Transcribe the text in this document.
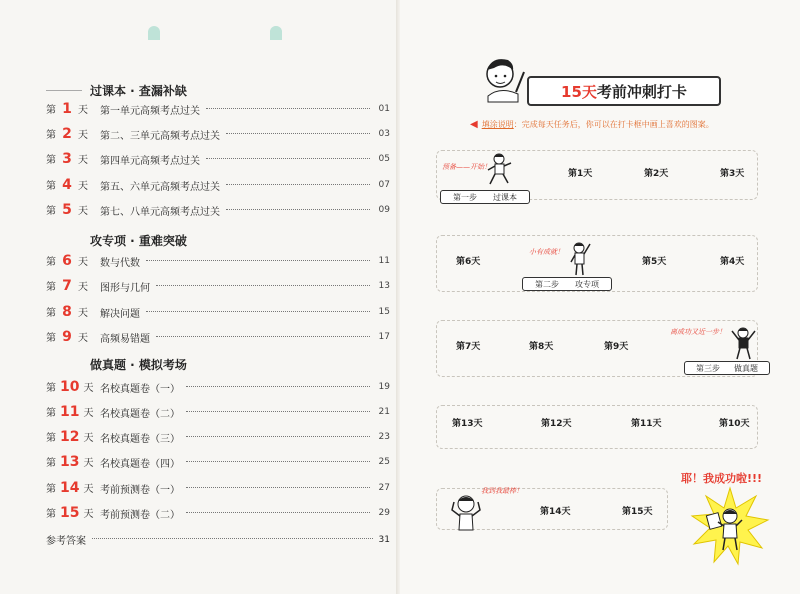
过课本 · 查漏补缺
攻专项 · 重难突破
做真题 · 模拟考场
第 1 天 第一单元高频考点过关	01
第 2 天 第二、三单元高频考点过关	03
第 3 天 第四单元高频考点过关	05
第 4 天 第五、六单元高频考点过关	07
第 5 天 第七、八单元高频考点过关	09
第 6 天 数与代数	11
第 7 天 图形与几何	13
第 8 天 解决问题	15
第 9 天 高频易错题	17
第 10 天 名校真题卷（一）	19
第 11 天 名校真题卷（二）	21
第 12 天 名校真题卷（三）	23
第 13 天 名校真题卷（四）	25
第 14 天 考前预测卷（一）	27
第 15 天 考前预测卷（二）	29
参考答案	31
15天 考前冲刺打卡
◀ 填涂说明：完成每天任务后，你可以在打卡框中画上喜欢的图案。
预备——开始！
第一步 过课本
小有成就！
第二步 攻专项
离成功又近一步！
第三步 做真题
第1天	第2天	第3天
第4天
第5天
第6天
第7天	第8天	第9天
第10天
第11天
第12天
第13天
第14天	第15天
我到我最棒！
耶！我成功啦!!!
